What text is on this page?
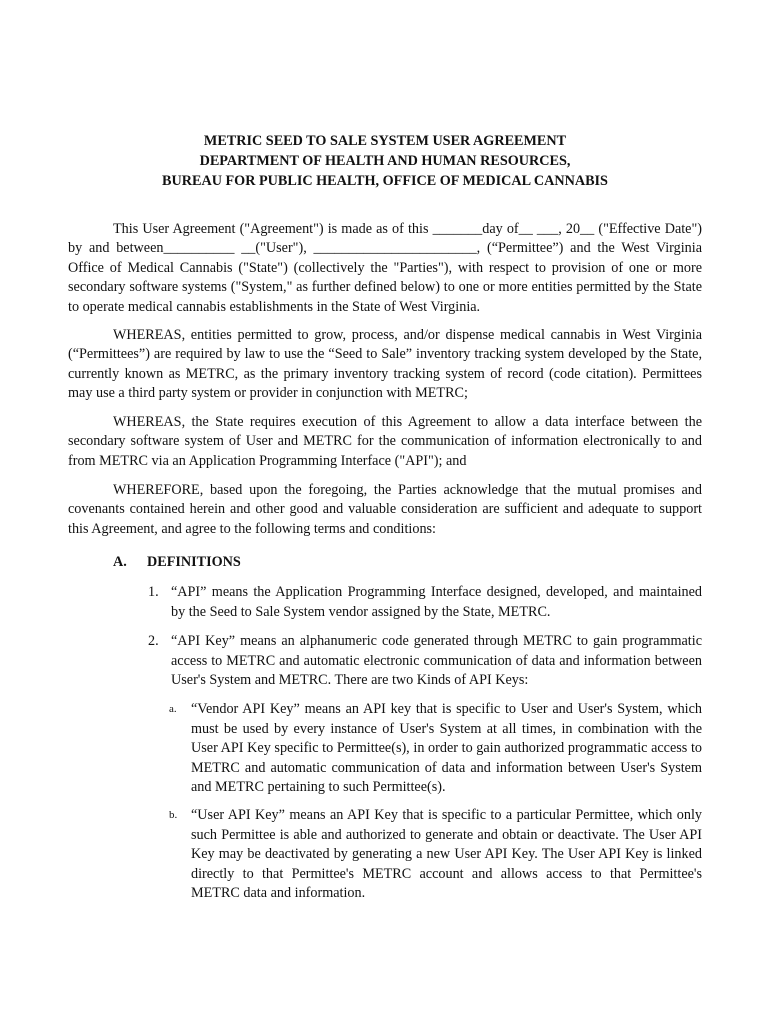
METRIC SEED TO SALE SYSTEM USER AGREEMENT
DEPARTMENT OF HEALTH AND HUMAN RESOURCES,
BUREAU FOR PUBLIC HEALTH, OFFICE OF MEDICAL CANNABIS

This User Agreement ("Agreement") is made as of this _______day of__ ___, 20__ ("Effective Date") by and between__________ __("User"), _______________________, (“Permittee”) and the West Virginia Office of Medical Cannabis ("State") (collectively the "Parties"), with respect to provision of one or more secondary software systems ("System," as further defined below) to one or more entities permitted by the State to operate medical cannabis establishments in the State of West Virginia.

WHEREAS, entities permitted to grow, process, and/or dispense medical cannabis in West Virginia (“Permittees”) are required by law to use the “Seed to Sale” inventory tracking system developed by the State, currently known as METRC, as the primary inventory tracking system of record (code citation). Permittees may use a third party system or provider in conjunction with METRC;

WHEREAS, the State requires execution of this Agreement to allow a data interface between the secondary software system of User and METRC for the communication of information electronically to and from METRC via an Application Programming Interface ("API"); and

WHEREFORE, based upon the foregoing, the Parties acknowledge that the mutual promises and covenants contained herein and other good and valuable consideration are sufficient and adequate to support this Agreement, and agree to the following terms and conditions:

A. DEFINITIONS
1. “API” means the Application Programming Interface designed, developed, and maintained by the Seed to Sale System vendor assigned by the State, METRC.
2. “API Key” means an alphanumeric code generated through METRC to gain programmatic access to METRC and automatic electronic communication of data and information between User's System and METRC. There are two Kinds of API Keys:
a. “Vendor API Key” means an API key that is specific to User and User's System, which must be used by every instance of User's System at all times, in combination with the User API Key specific to Permittee(s), in order to gain authorized programmatic access to METRC and automatic communication of data and information between User's System and METRC pertaining to such Permittee(s).
b. “User API Key” means an API Key that is specific to a particular Permittee, which only such Permittee is able and authorized to generate and obtain or deactivate. The User API Key may be deactivated by generating a new User API Key. The User API Key is linked directly to that Permittee's METRC account and allows access to that Permittee's METRC data and information.
